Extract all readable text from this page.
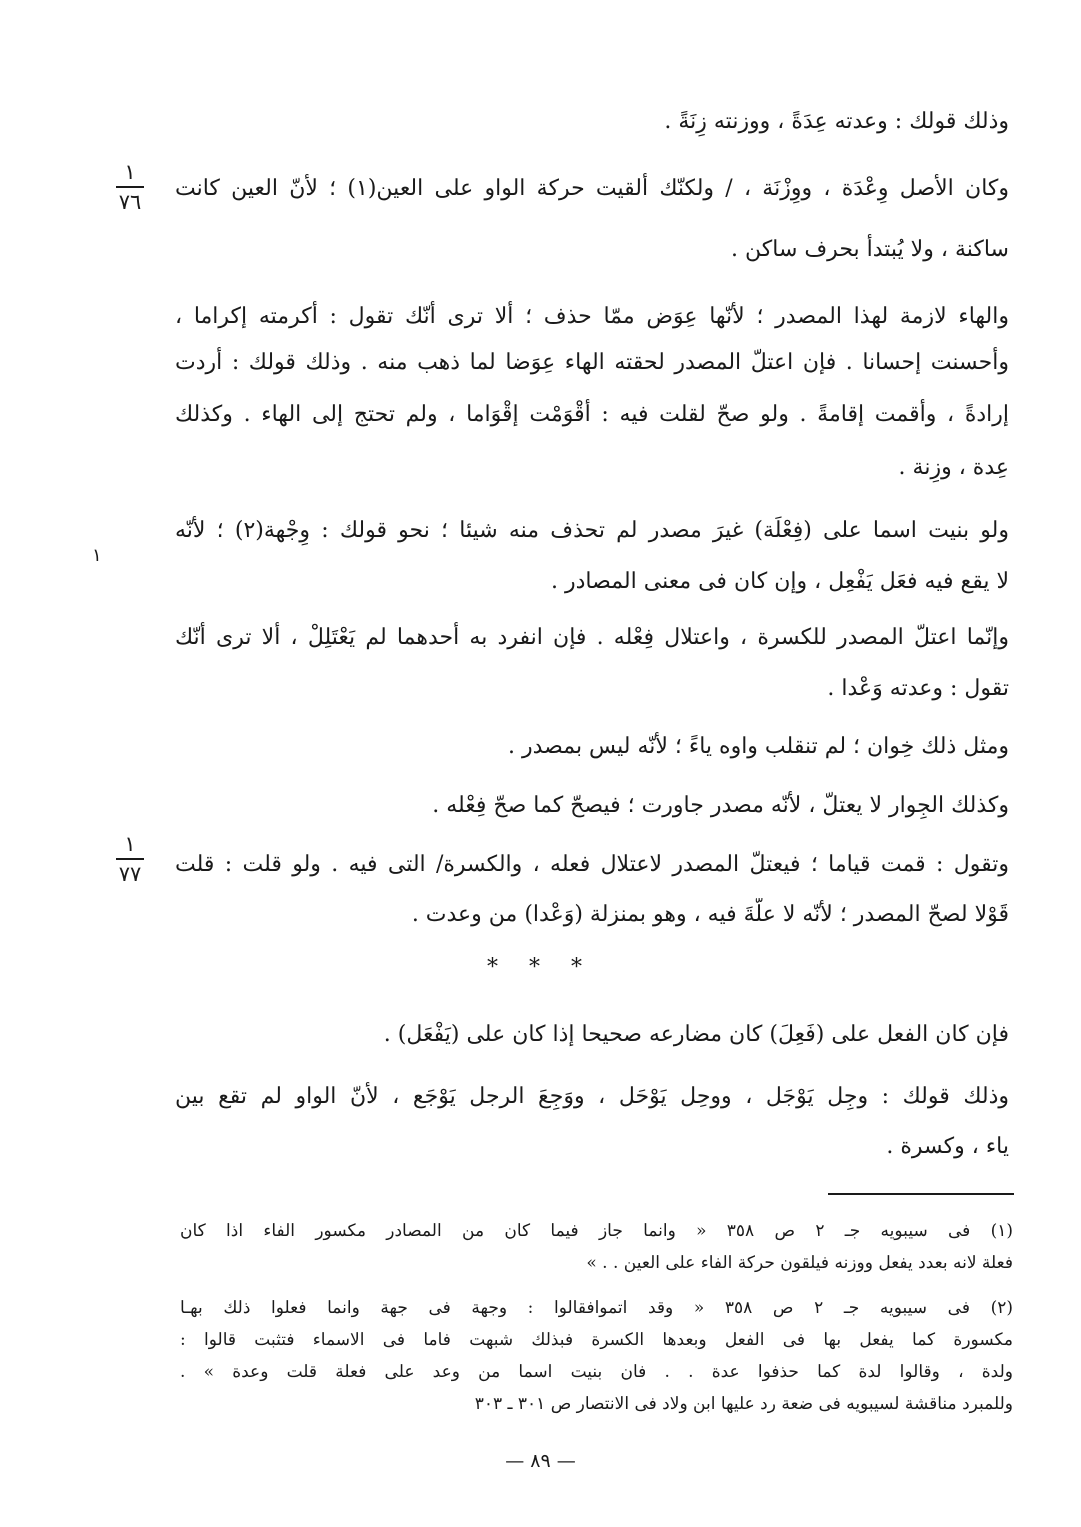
وذلك قولك : وعدته عِدَةً ، ووزنته زِنَةً .
وكان الأصل وِعْدَة ، ووِزْنَة ، / ولكنّك ألقيت حركة الواو على العين(١) ؛ لأنّ العين كانت
ساكنة ، ولا يُبتدأ بحرف ساكن .
والهاء لازمة لهذا المصدر ؛ لأنّها عِوَض ممّا حذف ؛ ألا ترى أنّك تقول : أكرمته إكراما ،
وأحسنت إحسانا . فإن اعتلّ المصدر لحقته الهاء عِوَضا لما ذهب منه . وذلك قولك : أردت
إرادةً ، وأقمت إقامةً . ولو صحّ لقلت فيه : أقْوَمْت إقْوَاما ، ولم تحتج إلى الهاء . وكذلك
عِدة ، وزِنة .
ولو بنيت اسما على (فِعْلَة) غيرَ مصدر لم تحذف منه شيئا ؛ نحو قولك : وِجْهة(٢) ؛ لأنّه
لا يقع فيه فعَل يَفْعِل ، وإن كان فى معنى المصادر .
وإنّما اعتلّ المصدر للكسرة ، واعتلال فِعْله . فإن انفرد به أحدهما لم يَعْتَلِلْ ، ألا ترى أنّك
تقول : وعدته وَعْدا .
ومثل ذلك خِوان ؛ لم تنقلب واوه ياءً ؛ لأنّه ليس بمصدر .
وكذلك الجِوار لا يعتلّ ، لأنّه مصدر جاورت ؛ فيصحّ كما صحّ فِعْله .
وتقول : قمت قياما ؛ فيعتلّ المصدر لاعتلال فعله ، والكسرة/ التى فيه . ولو قلت : قلت
قَوْلا لصحّ المصدر ؛ لأنّه لا علّةَ فيه ، وهو بمنزلة (وَعْدا) من وعدت .
* * *
فإن كان الفعل على (فَعِلَ) كان مضارعه صحيحا إذا كان على (يَفْعَل) .
وذلك قولك : وجِل يَوْجَل ، ووحِل يَوْحَل ، ووَجِعَ الرجل يَوْجَع ، لأنّ الواو لم تقع بين
ياء ، وكسرة .
١
٧٦
١
٧٧
١
(١) فى سيبويه جـ ٢ ص ٣٥٨ « وانما جاز فيما كان من المصادر مكسور الفاء اذا كان
فعلة لانه بعدد يفعل ووزنه فيلقون حركة الفاء على العين . . »
(٢) فى سيبويه جـ ٢ ص ٣٥٨ « وقد اتموافقالوا : وجهة فى جهة وانما فعلوا ذلك بهـا
مكسورة كما يفعل بها فى الفعل وبعدها الكسرة فبذلك شبهت فاما فى الاسماء فتثبت قالوا :
ولدة ، وقالوا لدة كما حذفوا عدة . . فان بنيت اسما من وعد على فعلة قلت وعدة » .
وللمبرد مناقشة لسيبويه فى ضعة رد عليها ابن ولاد فى الانتصار ص ٣٠١ ـ ٣٠٣
— ٨٩ —
